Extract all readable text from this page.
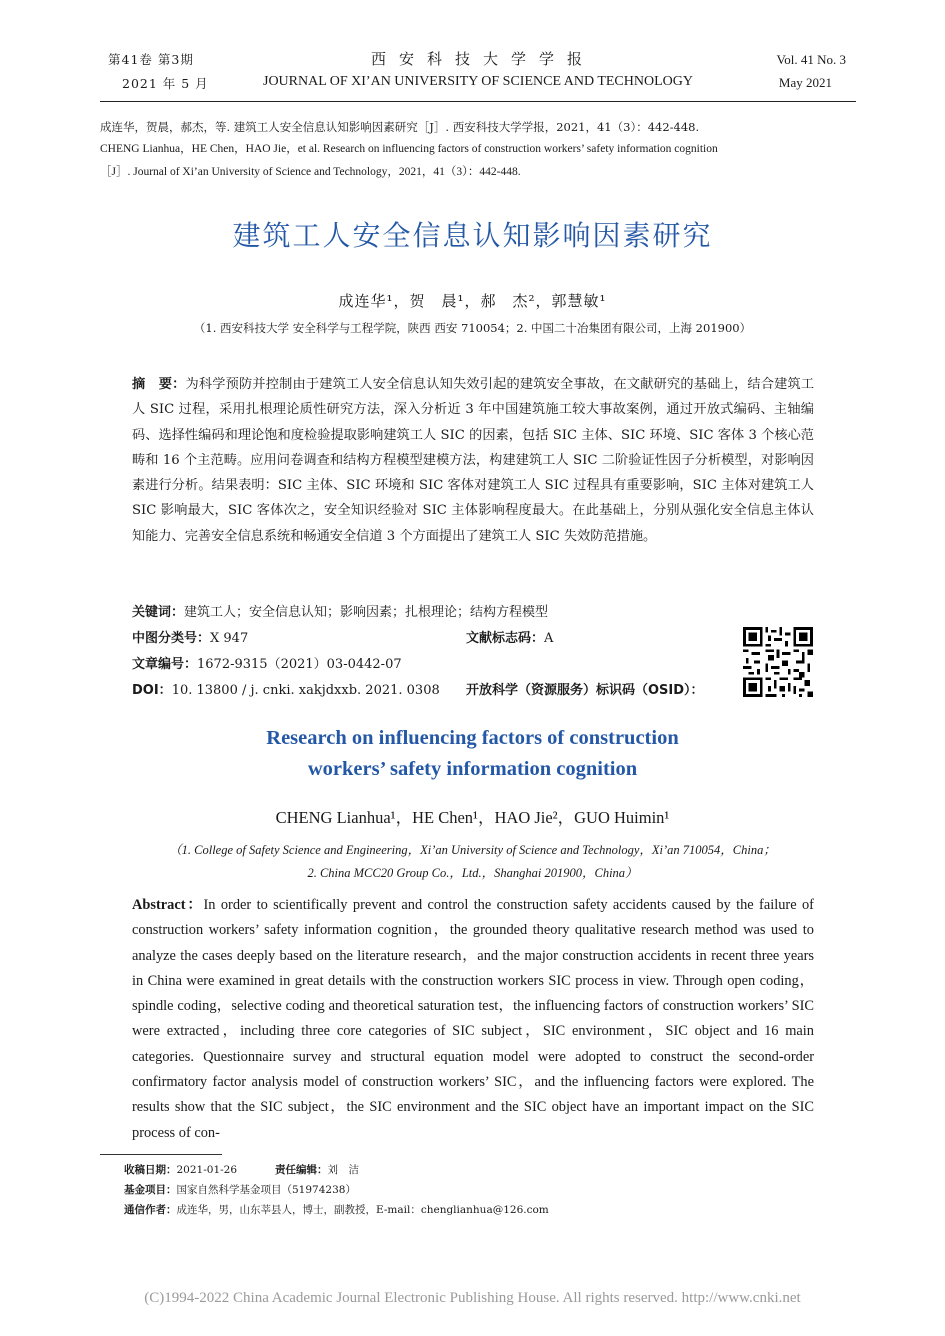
第41卷 第3期
2021 年 5 月
西安科技大学学报
JOURNAL OF XI’AN UNIVERSITY OF SCIENCE AND TECHNOLOGY
Vol. 41 No. 3
May 2021
成连华，贺晨，郝杰，等. 建筑工人安全信息认知影响因素研究［J］. 西安科技大学学报，2021，41（3）：442-448.
CHENG Lianhua，HE Chen，HAO Jie，et al. Research on influencing factors of construction workers’ safety information cognition
［J］. Journal of Xi’an University of Science and Technology，2021，41（3）：442-448.
建筑工人安全信息认知影响因素研究
成连华¹，贺　晨¹，郝　杰²，郭慧敏¹
（1. 西安科技大学 安全科学与工程学院，陕西 西安 710054；2. 中国二十冶集团有限公司，上海 201900）
摘　要：为科学预防并控制由于建筑工人安全信息认知失效引起的建筑安全事故，在文献研究的基础上，结合建筑工人 SIC 过程，采用扎根理论质性研究方法，深入分析近 3 年中国建筑施工较大事故案例，通过开放式编码、主轴编码、选择性编码和理论饱和度检验提取影响建筑工人 SIC 的因素，包括 SIC 主体、SIC 环境、SIC 客体 3 个核心范畴和 16 个主范畴。应用问卷调查和结构方程模型建模方法，构建建筑工人 SIC 二阶验证性因子分析模型，对影响因素进行分析。结果表明：SIC 主体、SIC 环境和 SIC 客体对建筑工人 SIC 过程具有重要影响，SIC 主体对建筑工人 SIC 影响最大，SIC 客体次之，安全知识经验对 SIC 主体影响程度最大。在此基础上，分别从强化安全信息主体认知能力、完善安全信息系统和畅通安全信道 3 个方面提出了建筑工人 SIC 失效防范措施。
关键词：建筑工人；安全信息认知；影响因素；扎根理论；结构方程模型
中图分类号：X 947	文献标志码：A
文章编号：1672-9315（2021）03-0442-07
DOI：10. 13800 / j. cnki. xakjdxxb. 2021. 0308 开放科学（资源服务）标识码（OSID）：
Research on influencing factors of construction
workers’ safety information cognition
CHENG Lianhua¹，HE Chen¹，HAO Jie²，GUO Huimin¹
（1. College of Safety Science and Engineering，Xi’an University of Science and Technology，Xi’an 710054，China；
2. China MCC20 Group Co.，Ltd.，Shanghai 201900，China）
Abstract：In order to scientifically prevent and control the construction safety accidents caused by the failure of construction workers’ safety information cognition，the grounded theory qualitative research method was used to analyze the cases deeply based on the literature research，and the major construction accidents in recent three years in China were examined in great details with the construction workers SIC process in view. Through open coding，spindle coding，selective coding and theoretical saturation test，the influencing factors of construction workers’ SIC were extracted，including three core categories of SIC subject，SIC environment，SIC object and 16 main categories. Questionnaire survey and structural equation model were adopted to construct the second-order confirmatory factor analysis model of construction workers’ SIC，and the influencing factors were explored. The results show that the SIC subject，the SIC environment and the SIC object have an important impact on the SIC process of con-
收稿日期：2021-01-26	责任编辑：刘　洁
基金项目：国家自然科学基金项目（51974238）
通信作者：成连华，男，山东莘县人，博士，副教授，E-mail：chenglianhua@126.com
(C)1994-2022 China Academic Journal Electronic Publishing House. All rights reserved. http://www.cnki.net
